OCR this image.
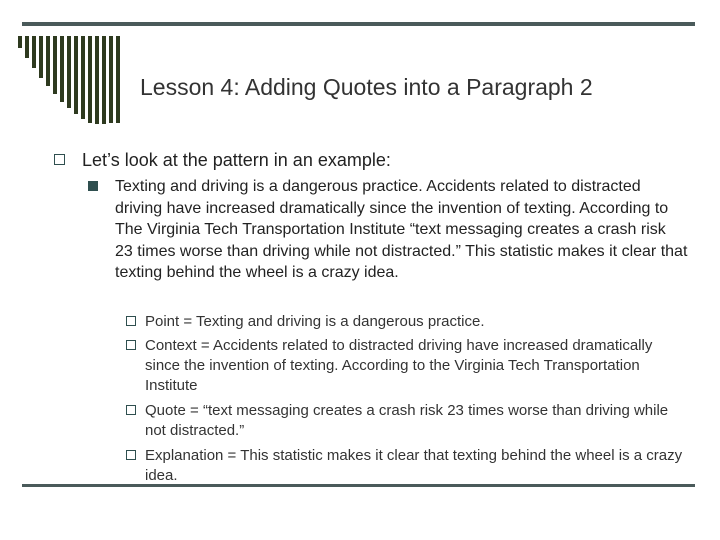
Lesson 4: Adding Quotes into a Paragraph 2
Let’s look at the pattern in an example:
Texting and driving is a dangerous practice. Accidents related to distracted driving have increased dramatically since the invention of texting. According to The Virginia Tech Transportation Institute “text messaging creates a crash risk 23 times worse than driving while not distracted.” This statistic makes it clear that texting behind the wheel is a crazy idea.
Point = Texting and driving is a dangerous practice.
Context = Accidents related to distracted driving have increased dramatically since the invention of texting. According to the Virginia Tech Transportation Institute
Quote = “text messaging creates a crash risk 23 times worse than driving while not distracted.”
Explanation = This statistic makes it clear that texting behind the wheel is a crazy idea.
